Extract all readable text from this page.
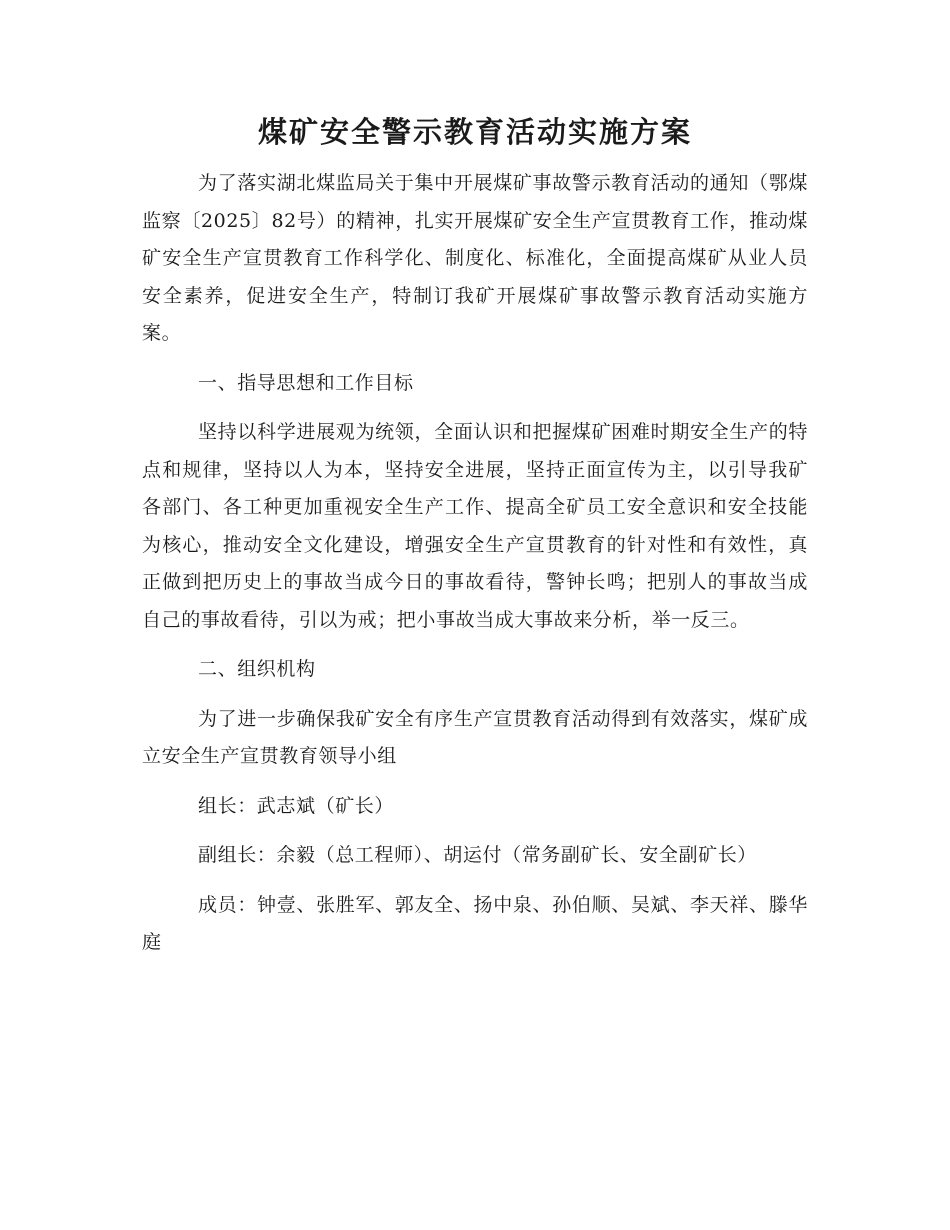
煤矿安全警示教育活动实施方案

为了落实湖北煤监局关于集中开展煤矿事故警示教育活动的通知（鄂煤监察〔2025〕82号）的精神，扎实开展煤矿安全生产宣贯教育工作，推动煤矿安全生产宣贯教育工作科学化、制度化、标准化，全面提高煤矿从业人员安全素养，促进安全生产，特制订我矿开展煤矿事故警示教育活动实施方案。

一、指导思想和工作目标

坚持以科学进展观为统领，全面认识和把握煤矿困难时期安全生产的特点和规律，坚持以人为本，坚持安全进展，坚持正面宣传为主，以引导我矿各部门、各工种更加重视安全生产工作、提高全矿员工安全意识和安全技能为核心，推动安全文化建设，增强安全生产宣贯教育的针对性和有效性，真正做到把历史上的事故当成今日的事故看待，警钟长鸣；把别人的事故当成自己的事故看待，引以为戒；把小事故当成大事故来分析，举一反三。

二、组织机构

为了进一步确保我矿安全有序生产宣贯教育活动得到有效落实，煤矿成立安全生产宣贯教育领导小组

组长：武志斌（矿长）

副组长：余毅（总工程师）、胡运付（常务副矿长、安全副矿长）

成员：钟壹、张胜军、郭友全、扬中泉、孙伯顺、吴斌、李天祥、滕华庭
